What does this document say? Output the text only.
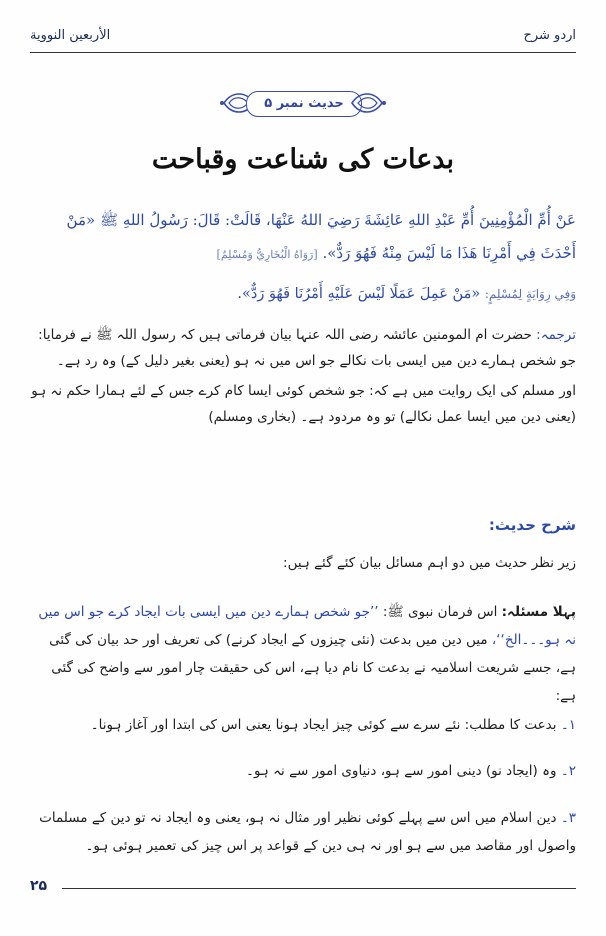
اردو شرح
الأربعين النووية
حدیث نمبر ۵
بدعات کی شناعت وقباحت
عَنْ أُمِّ الْمُؤْمِنِينَ أُمِّ عَبْدِ اللهِ عَائِشَةَ رَضِيَ اللهُ عَنْهَا، قَالَتْ: قَالَ: رَسُولُ اللهِ ﷺ «مَنْ أَحْدَثَ فِي أَمْرِنَا هَذَا مَا لَيْسَ مِنْهُ فَهُوَ رَدٌّ». [رَوَاهُ الْبُخَارِيُّ وَمُسْلِمٌ]
وَفِي رِوَايَةٍ لِمُسْلِمٍ: «مَنْ عَمِلَ عَمَلًا لَيْسَ عَلَيْهِ أَمْرُنَا فَهُوَ رَدٌّ».
ترجمہ: حضرت ام المومنین عائشہ رضی اللہ عنہا بیان فرماتی ہیں کہ رسول اللہ ﷺ نے فرمایا: جو شخص ہمارے دین میں ایسی بات نکالے جو اس میں نہ ہو (یعنی بغیر دلیل کے) وہ رد ہے۔
اور مسلم کی ایک روایت میں ہے کہ: جو شخص کوئی ایسا کام کرے جس کے لئے ہمارا حکم نہ ہو (یعنی دین میں ایسا عمل نکالے) تو وہ مردود ہے۔ (بخاری ومسلم)
شرح حدیث:
زیر نظر حدیث میں دو اہم مسائل بیان کئے گئے ہیں:
پہلا مسئلہ: اس فرمان نبوی ﷺ: ’’جو شخص ہمارے دین میں ایسی بات ایجاد کرے جو اس میں نہ ہو۔۔۔الخ‘‘، میں دین میں بدعت (نئی چیزوں کے ایجاد کرنے) کی تعریف اور حد بیان کی گئی ہے، جسے شریعت اسلامیہ نے بدعت کا نام دیا ہے، اس کی حقیقت چار امور سے واضح کی گئی ہے:
۱۔ بدعت کا مطلب: نئے سرے سے کوئی چیز ایجاد ہونا یعنی اس کی ابتدا اور آغاز ہونا۔
۲۔ وہ (ایجاد نو) دینی امور سے ہو، دنیاوی امور سے نہ ہو۔
۳۔ دین اسلام میں اس سے پہلے کوئی نظیر اور مثال نہ ہو، یعنی وہ ایجاد نہ تو دین کے مسلمات واصول اور مقاصد میں سے ہو اور نہ ہی دین کے قواعد پر اس چیز کی تعمیر ہوئی ہو۔
۲۵
